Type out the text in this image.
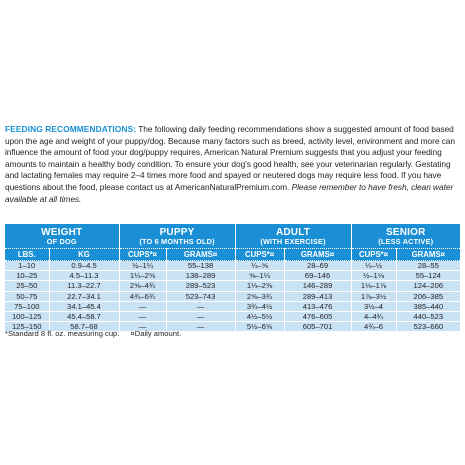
FEEDING RECOMMENDATIONS: The following daily feeding recommendations show a suggested amount of food based upon the age and weight of your puppy/dog. Because many factors such as breed, activity level, environment and more can influence the amount of food your dog/puppy requires, American Natural Premium suggests that you adjust your feeding amounts to maintain a healthy body condition. To ensure your dog's good health, see your veterinarian regularly. Gestating and lactating females may require 2–4 times more food and spayed or neutered dogs may require less food. If you have questions about the food, please contact us at AmericanNaturalPremium.com. Please remember to have fresh, clean water available at all times.
WEIGHT
OF DOG		PUPPY
(TO 6 MONTHS OLD)		ADULT
(WITH EXERCISE)		SENIOR
(LESS ACTIVE)	

LBS.	KG	CUPS*¤	GRAMS¤	CUPS*¤	GRAMS¤	CUPS*¤	GRAMS¤
1–10	0.9–4.5	½–1¼	55–138	¼–⅝	28–69	¼–½	28–55
10–25	4.5–11.3	1¼–2⅝	138–289	⅝–1¼	69–146	½–1⅛	55–124
25–50	11.3–22.7	2⅝–4¾	289–523	1⅓–2⅝	146–289	1⅛–1⅞	124–206
50–75	22.7–34.1	4¾–6¾	523–743	2⅝–3¾	289–413	1⅞–3½	206–385
75–100	34.1–45.4	—	—	3¾–4½	413–476	3½–4	385–440
100–125	45.4–58.7	—	—	4½–5½	476–605	4–4¾	440–523
125–150	58.7–68	—	—	5½–6⅝	605–701	4¾–6	523–660
*Standard 8 fl. oz. measuring cup. ¤Daily amount.
